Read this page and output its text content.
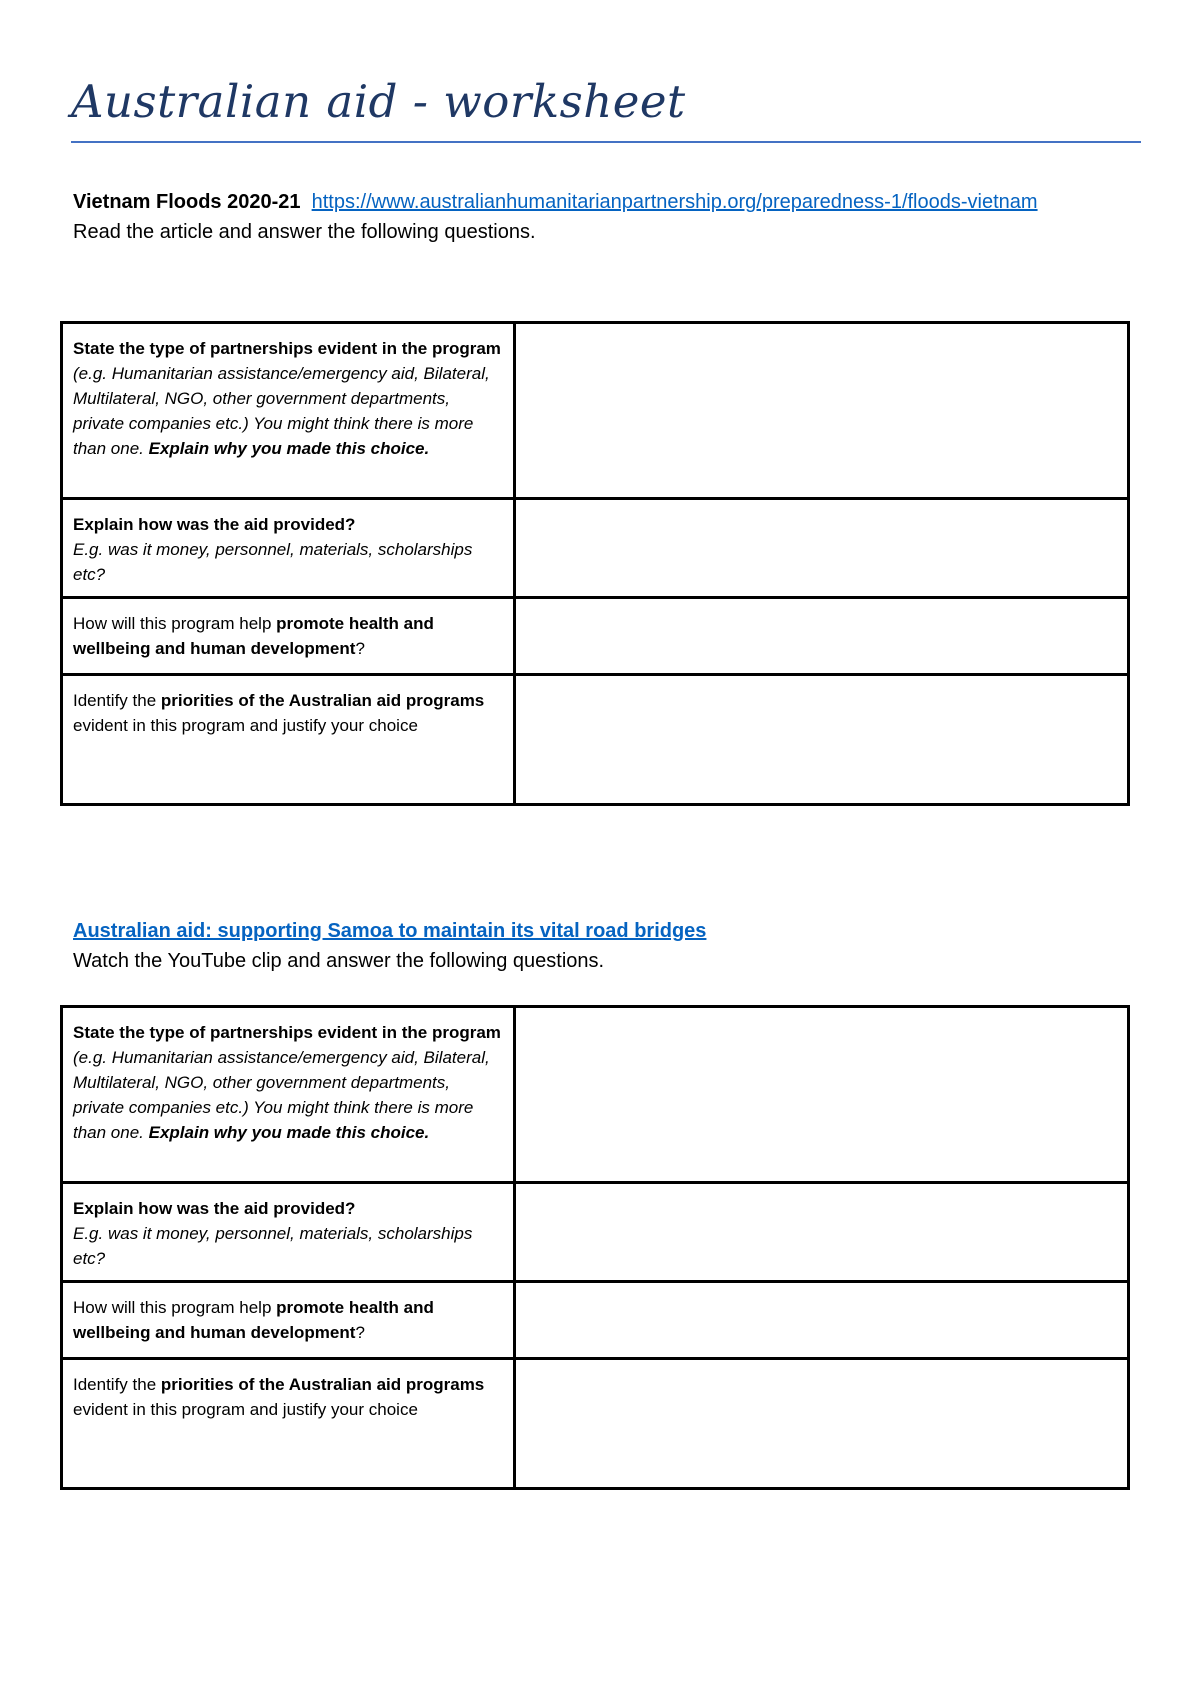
Australian aid - worksheet
Vietnam Floods 2020-21 https://www.australianhumanitarianpartnership.org/preparedness-1/floods-vietnam
Read the article and answer the following questions.
State the type of partnerships evident in the program (e.g. Humanitarian assistance/emergency aid, Bilateral, Multilateral, NGO, other government departments, private companies etc.) You might think there is more than one. Explain why you made this choice.	
Explain how was the aid provided?
E.g. was it money, personnel, materials, scholarships etc?	
How will this program help promote health and wellbeing and human development?	
Identify the priorities of the Australian aid programs evident in this program and justify your choice	
Australian aid: supporting Samoa to maintain its vital road bridges
Watch the YouTube clip and answer the following questions.
State the type of partnerships evident in the program (e.g. Humanitarian assistance/emergency aid, Bilateral, Multilateral, NGO, other government departments, private companies etc.) You might think there is more than one. Explain why you made this choice.	
Explain how was the aid provided?
E.g. was it money, personnel, materials, scholarships etc?	
How will this program help promote health and wellbeing and human development?	
Identify the priorities of the Australian aid programs evident in this program and justify your choice	
